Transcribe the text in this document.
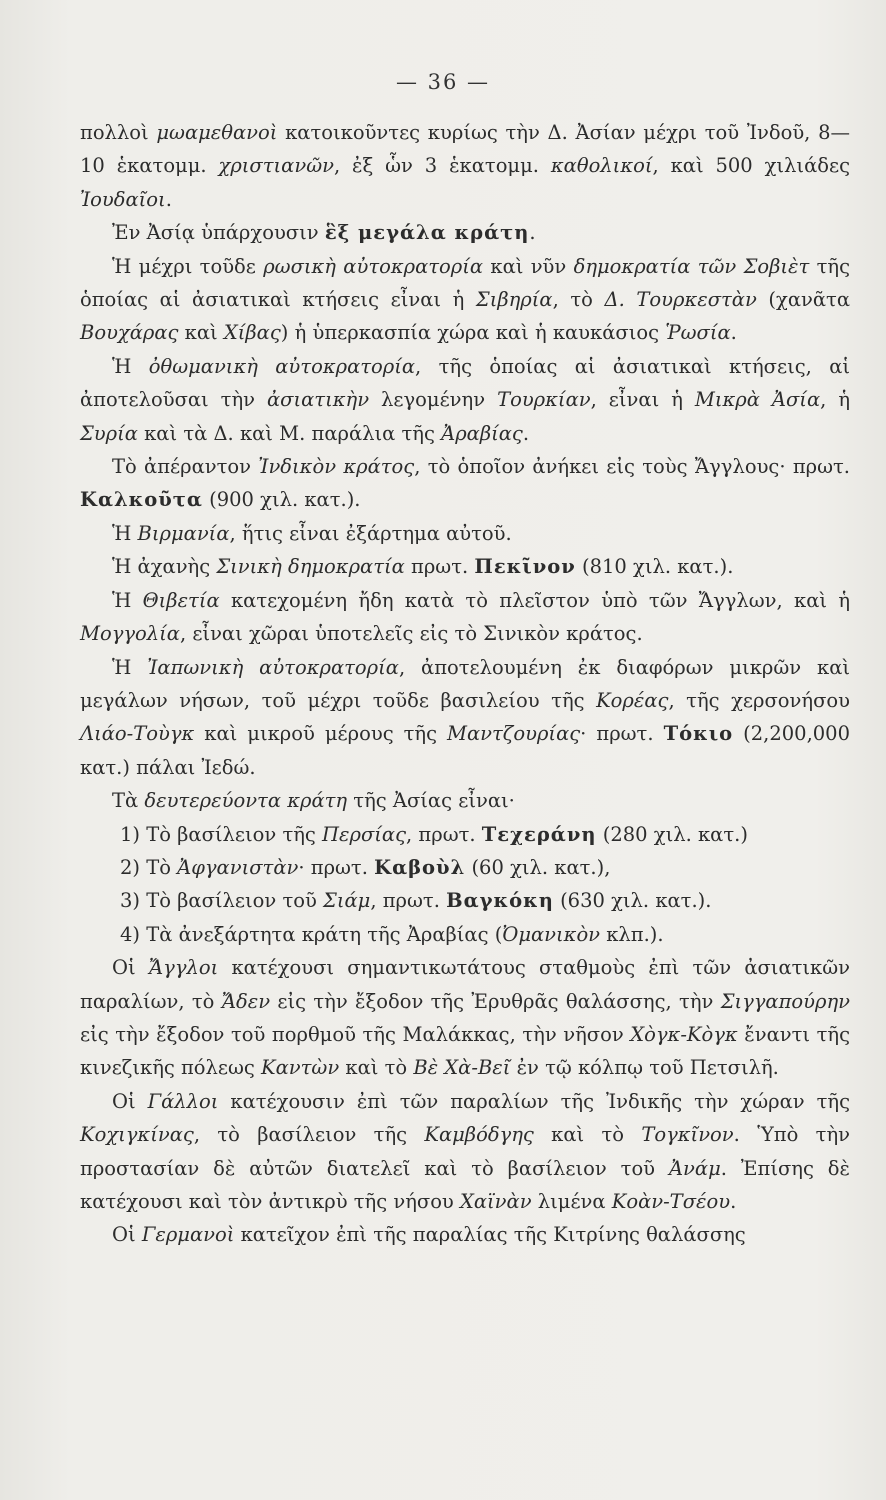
— 36 —

πολλοὶ μωαμεθανοὶ κατοικοῦντες κυρίως τὴν Δ. Ἀσίαν μέχρι τοῦ Ἰνδοῦ, 8—10 ἑκατομμ. χριστιανῶν, ἐξ ὧν 3 ἑκατομμ. καθολικοί, καὶ 500 χιλιάδες Ἰουδαῖοι.

Ἐν Ἀσίᾳ ὑπάρχουσιν ἓξ μεγάλα κράτη.

Ἡ μέχρι τοῦδε ρωσικὴ αὐτοκρατορία καὶ νῦν δημοκρατία τῶν Σοβιὲτ τῆς ὁποίας αἱ ἀσιατικαὶ κτήσεις εἶναι ἡ Σιβηρία, τὸ Δ. Τουρκεστὰν (χανᾶτα Βουχάρας καὶ Χίβας) ἡ ὑπερκασπία χώρα καὶ ἡ καυκάσιος Ῥωσία.

Ἡ ὀθωμανικὴ αὐτοκρατορία, τῆς ὁποίας αἱ ἀσιατικαὶ κτήσεις, αἱ ἀποτελοῦσαι τὴν ἀσιατικὴν λεγομένην Τουρκίαν, εἶναι ἡ Μικρὰ Ἀσία, ἡ Συρία καὶ τὰ Δ. καὶ Μ. παράλια τῆς Ἀραβίας.

Τὸ ἀπέραντον Ἰνδικὸν κράτος, τὸ ὁποῖον ἀνήκει εἰς τοὺς Ἄγγλους· πρωτ. Καλκοῦτα (900 χιλ. κατ.).

Ἡ Βιρμανία, ἥτις εἶναι ἐξάρτημα αὐτοῦ.

Ἡ ἀχανὴς Σινικὴ δημοκρατία πρωτ. Πεκῖνον (810 χιλ. κατ.).

Ἡ Θιβετία κατεχομένη ἤδη κατὰ τὸ πλεῖστον ὑπὸ τῶν Ἄγγλων, καὶ ἡ Μογγολία, εἶναι χῶραι ὑποτελεῖς εἰς τὸ Σινικὸν κράτος.

Ἡ Ἰαπωνικὴ αὐτοκρατορία, ἀποτελουμένη ἐκ διαφόρων μικρῶν καὶ μεγάλων νήσων, τοῦ μέχρι τοῦδε βασιλείου τῆς Κορέας, τῆς χερσονήσου Λιάο-Τοὺγκ καὶ μικροῦ μέρους τῆς Μαντζουρίας· πρωτ. Τόκιο (2,200,000 κατ.) πάλαι Ἰεδώ.

Τὰ δευτερεύοντα κράτη τῆς Ἀσίας εἶναι·

1) Τὸ βασίλειον τῆς Περσίας, πρωτ. Τεχεράνη (280 χιλ. κατ.)

2) Τὸ Ἀφγανιστὰν· πρωτ. Καβοὺλ (60 χιλ. κατ.),

3) Τὸ βασίλειον τοῦ Σιάμ, πρωτ. Βαγκόκη (630 χιλ. κατ.).

4) Τὰ ἀνεξάρτητα κράτη τῆς Ἀραβίας (Ὀμανικὸν κλπ.).

Οἱ Ἄγγλοι κατέχουσι σημαντικωτάτους σταθμοὺς ἐπὶ τῶν ἀσιατικῶν παραλίων, τὸ Ἄδεν εἰς τὴν ἔξοδον τῆς Ἐρυθρᾶς θαλάσσης, τὴν Σιγγαπούρην εἰς τὴν ἔξοδον τοῦ πορθμοῦ τῆς Μαλάκκας, τὴν νῆσον Χὸγκ-Κὸγκ ἔναντι τῆς κινεζικῆς πόλεως Καντὼν καὶ τὸ Βὲ Χὰ-Βεῖ ἐν τῷ κόλπῳ τοῦ Πετσιλῆ.

Οἱ Γάλλοι κατέχουσιν ἐπὶ τῶν παραλίων τῆς Ἰνδικῆς τὴν χώραν τῆς Κοχιγκίνας, τὸ βασίλειον τῆς Καμβόδγης καὶ τὸ Τογκῖνον. Ὑπὸ τὴν προστασίαν δὲ αὐτῶν διατελεῖ καὶ τὸ βασίλειον τοῦ Ἀνάμ. Ἐπίσης δὲ κατέχουσι καὶ τὸν ἀντικρὺ τῆς νήσου Χαϊνὰν λιμένα Κοὰν-Τσέου.

Οἱ Γερμανοὶ κατεῖχον ἐπὶ τῆς παραλίας τῆς Κιτρίνης θαλάσσης
